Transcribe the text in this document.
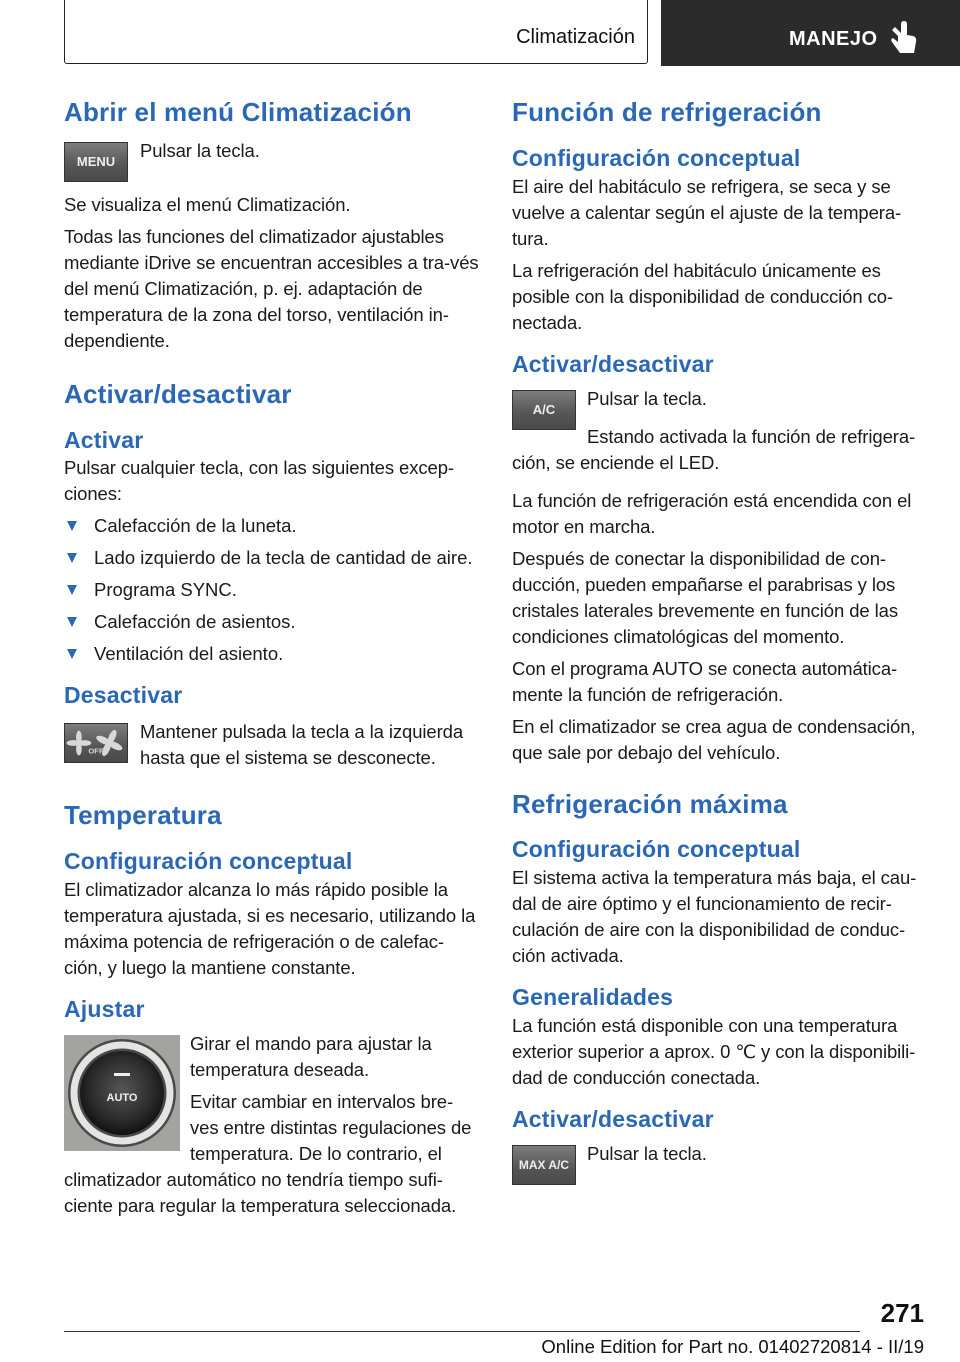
Climatización	MANEJO
Abrir el menú Climatización
MENU

Pulsar la tecla.

Se visualiza el menú Climatización.

Todas las funciones del climatizador ajustables mediante iDrive se encuentran accesibles a tra‐vés del menú Climatización, p. ej. adaptación de temperatura de la zona del torso, ventilación in‐dependiente.

Activar/desactivar
Activar

Pulsar cualquier tecla, con las siguientes excep‐ciones:

Calefacción de la luneta.
Lado izquierdo de la tecla de cantidad de aire.
Programa SYNC.
Calefacción de asientos.
Ventilación del asiento.
Desactivar
OFF

Mantener pulsada la tecla a la izquierda hasta que el sistema se desconecte.

Temperatura
Configuración conceptual

El climatizador alcanza lo más rápido posible la temperatura ajustada, si es necesario, utilizando la máxima potencia de refrigeración o de calefac‐ción, y luego la mantiene constante.

Ajustar
AUTO

Girar el mando para ajustar la temperatura deseada.

Evitar cambiar en intervalos bre‐ves entre distintas regulaciones de temperatura. De lo contrario, el

climatizador automático no tendría tiempo sufi‐ciente para regular la temperatura seleccionada.

Función de refrigeración
Configuración conceptual

El aire del habitáculo se refrigera, se seca y se vuelve a calentar según el ajuste de la tempera‐tura.

La refrigeración del habitáculo únicamente es posible con la disponibilidad de conducción co‐nectada.

Activar/desactivar
A/C

Pulsar la tecla.

Estando activada la función de refrigera‐ción, se enciende el LED.

La función de refrigeración está encendida con el motor en marcha.

Después de conectar la disponibilidad de con‐ducción, pueden empañarse el parabrisas y los cristales laterales brevemente en función de las condiciones climatológicas del momento.

Con el programa AUTO se conecta automática‐mente la función de refrigeración.

En el climatizador se crea agua de condensación, que sale por debajo del vehículo.

Refrigeración máxima
Configuración conceptual

El sistema activa la temperatura más baja, el cau‐dal de aire óptimo y el funcionamiento de recir‐culación de aire con la disponibilidad de conduc‐ción activada.

Generalidades

La función está disponible con una temperatura exterior superior a aprox. 0 ℃ y con la disponibili‐dad de conducción conectada.

Activar/desactivar
MAX A/C

Pulsar la tecla.

271
Online Edition for Part no. 01402720814 - II/19
